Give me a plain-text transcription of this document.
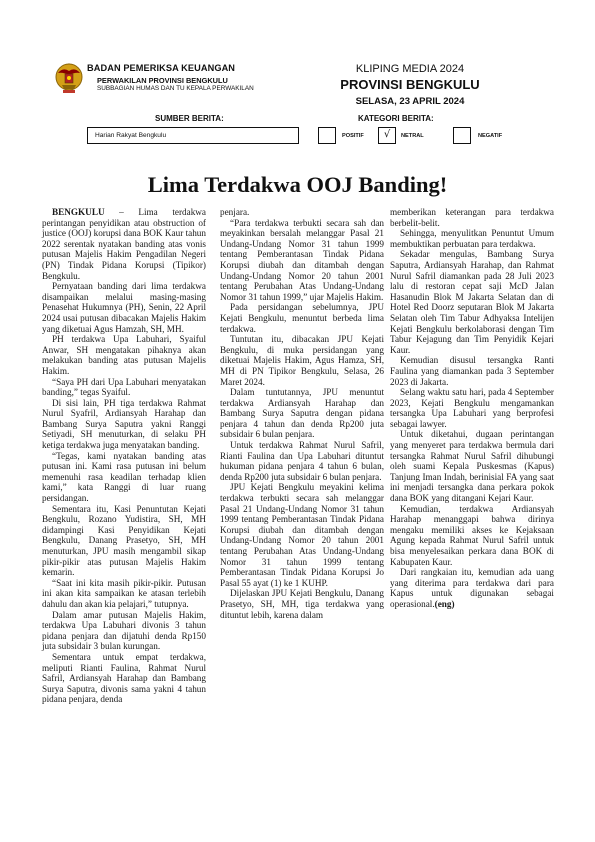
BADAN PEMERIKSA KEUANGAN
PERWAKILAN PROVINSI BENGKULU
SUBBAGIAN HUMAS DAN TU KEPALA PERWAKILAN
KLIPING MEDIA 2024
PROVINSI BENGKULU
SELASA, 23 APRIL 2024
SUMBER BERITA:	KATEGORI BERITA:
Harian Rakyat Bengkulu	POSITIF	√	NETRAL	NEGATIF
Lima Terdakwa OOJ Banding!

BENGKULU – Lima terdakwa perintangan penyidikan atau obstruction of justice (OOJ) korupsi dana BOK Kaur tahun 2022 serentak nyatakan banding atas vonis putusan Majelis Hakim Pengadilan Negeri (PN) Tindak Pidana Korupsi (Tipikor) Bengkulu.

Pernyataan banding dari lima terdakwa disampaikan melalui masing-masing Penasehat Hukumnya (PH), Senin, 22 April 2024 usai putusan dibacakan Majelis Hakim yang diketuai Agus Hamzah, SH, MH.

PH terdakwa Upa Labuhari, Syaiful Anwar, SH mengatakan pihaknya akan melakukan banding atas putusan Majelis Hakim.

“Saya PH dari Upa Labuhari menyatakan banding,” tegas Syaiful.

Di sisi lain, PH tiga terdakwa Rahmat Nurul Syafril, Ardiansyah Harahap dan Bambang Surya Saputra yakni Ranggi Setiyadi, SH menuturkan, di selaku PH ketiga terdakwa juga menyatakan banding.

“Tegas, kami nyatakan banding atas putusan ini. Kami rasa putusan ini belum memenuhi rasa keadilan terhadap klien kami,” kata Ranggi di luar ruang persidangan.

Sementara itu, Kasi Penuntutan Kejati Bengkulu, Rozano Yudistira, SH, MH didampingi Kasi Penyidikan Kejati Bengkulu, Danang Prasetyo, SH, MH menuturkan, JPU masih mengambil sikap pikir-pikir atas putusan Majelis Hakim kemarin.

“Saat ini kita masih pikir-pikir. Putusan ini akan kita sampaikan ke atasan terlebih dahulu dan akan kia pelajari,” tutupnya.

Dalam amar putusan Majelis Hakim, terdakwa Upa Labuhari divonis 3 tahun pidana penjara dan dijatuhi denda Rp150 juta subsidair 3 bulan kurungan.

Sementara untuk empat terdakwa, meliputi Rianti Faulina, Rahmat Nurul Safril, Ardiansyah Harahap dan Bambang Surya Saputra, divonis sama yakni 4 tahun pidana penjara, denda

penjara.

“Para terdakwa terbukti secara sah dan meyakinkan bersalah melanggar Pasal 21 Undang-Undang Nomor 31 tahun 1999 tentang Pemberantasan Tindak Pidana Korupsi diubah dan ditambah dengan Undang-Undang Nomor 20 tahun 2001 tentang Perubahan Atas Undang-Undang Nomor 31 tahun 1999,” ujar Majelis Hakim.

Pada persidangan sebelumnya, JPU Kejati Bengkulu, menuntut berbeda lima terdakwa.

Tuntutan itu, dibacakan JPU Kejati Bengkulu, di muka persidangan yang diketuai Majelis Hakim, Agus Hamza, SH, MH di PN Tipikor Bengkulu, Selasa, 26 Maret 2024.

Dalam tuntutannya, JPU menuntut terdakwa Ardiansyah Harahap dan Bambang Surya Saputra dengan pidana penjara 4 tahun dan denda Rp200 juta subsidair 6 bulan penjara.

Untuk terdakwa Rahmat Nurul Safril, Rianti Faulina dan Upa Labuhari dituntut hukuman pidana penjara 4 tahun 6 bulan, denda Rp200 juta subsidair 6 bulan penjara.

JPU Kejati Bengkulu meyakini kelima terdakwa terbukti secara sah melanggar Pasal 21 Undang-Undang Nomor 31 tahun 1999 tentang Pemberantasan Tindak Pidana Korupsi diubah dan ditambah dengan Undang-Undang Nomor 20 tahun 2001 tentang Perubahan Atas Undang-Undang Nomor 31 tahun 1999 tentang Pemberantasan Tindak Pidana Korupsi Jo Pasal 55 ayat (1) ke 1 KUHP.

Dijelaskan JPU Kejati Bengkulu, Danang Prasetyo, SH, MH, tiga terdakwa yang dituntut lebih, karena dalam

memberikan keterangan para terdakwa berbelit-belit.

Sehingga, menyulitkan Penuntut Umum membuktikan perbuatan para terdakwa.

Sekadar mengulas, Bambang Surya Saputra, Ardiansyah Harahap, dan Rahmat Nurul Safril diamankan pada 28 Juli 2023 lalu di restoran cepat saji McD Jalan Hasanudin Blok M Jakarta Selatan dan di Hotel Red Doorz seputaran Blok M Jakarta Selatan oleh Tim Tabur Adhyaksa Intelijen Kejati Bengkulu berkolaborasi dengan Tim Tabur Kejagung dan Tim Penyidik Kejari Kaur.

Kemudian disusul tersangka Ranti Faulina yang diamankan pada 3 September 2023 di Jakarta.

Selang waktu satu hari, pada 4 September 2023, Kejati Bengkulu mengamankan tersangka Upa Labuhari yang berprofesi sebagai lawyer.

Untuk diketahui, dugaan perintangan yang menyeret para terdakwa bermula dari tersangka Rahmat Nurul Safril dihubungi oleh suami Kepala Puskesmas (Kapus) Tanjung Iman Indah, berinisial FA yang saat ini menjadi tersangka dana perkara pokok dana BOK yang ditangani Kejari Kaur.

Kemudian, terdakwa Ardiansyah Harahap menanggapi bahwa dirinya mengaku memiliki akses ke Kejaksaan Agung kepada Rahmat Nurul Safril untuk bisa menyelesaikan perkara dana BOK di Kabupaten Kaur.

Dari rangkaian itu, kemudian ada uang yang diterima para terdakwa dari para Kapus untuk digunakan sebagai operasional.(eng)
